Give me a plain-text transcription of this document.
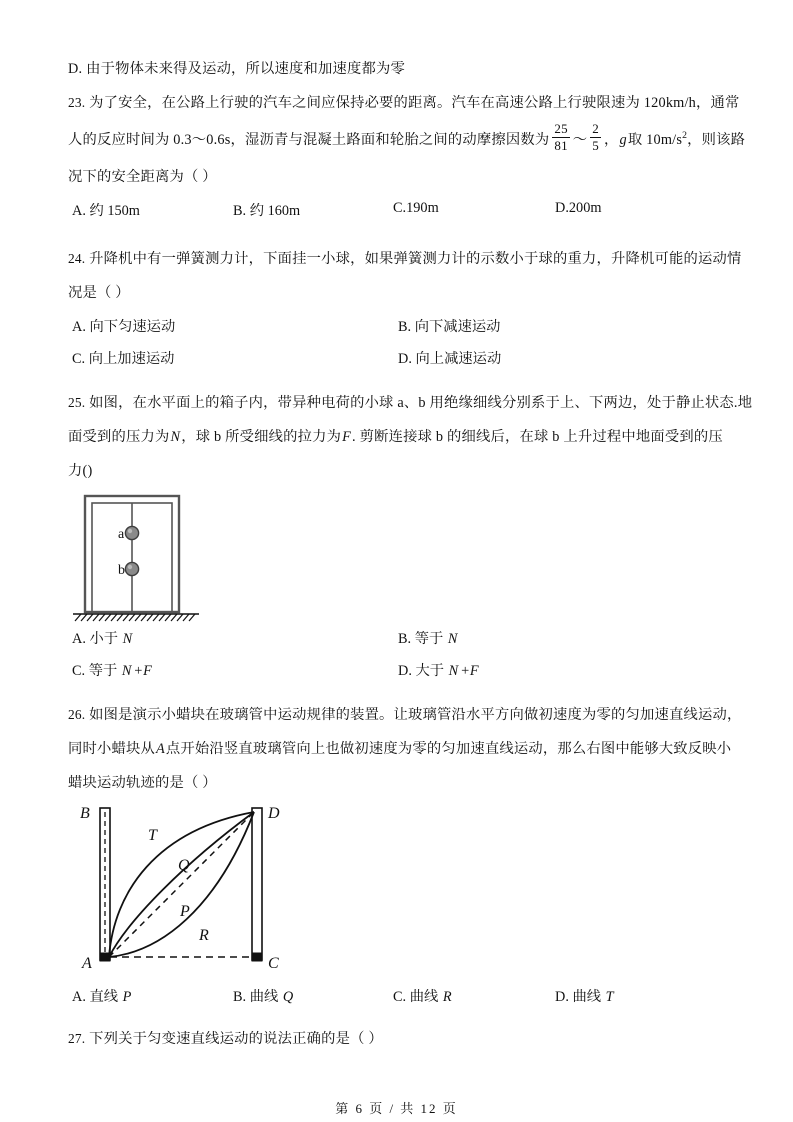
D. 由于物体未来得及运动，所以速度和加速度都为零
23. 为了安全，在公路上行驶的汽车之间应保持必要的距离。汽车在高速公路上行驶限速为 120km/h，通常
人的反应时间为 0.3～0.6s，湿沥青与混凝土路面和轮胎之间的动摩擦因数为 $\frac{25}{81}$ ～ $\frac{2}{5}$ ，g取 $10m/s^2$，则该路
况下的安全距离为（ ）
A. 约 150m	B. 约 160m	C.190m	D.200m
24. 升降机中有一弹簧测力计，下面挂一小球，如果弹簧测力计的示数小于球的重力，升降机可能的运动情
况是（ ）
A. 向下匀速运动	B. 向下减速运动
C. 向上加速运动	D. 向上减速运动
25. 如图，在水平面上的箱子内，带异种电荷的小球 a、b 用绝缘细线分别系于上、下两边，处于静止状态.地
面受到的压力为N，球 b 所受细线的拉力为F. 剪断连接球 b 的细线后，在球 b 上升过程中地面受到的压
力()
a
b
A. 小于 N	B. 等于 N
C. 等于 N +F	D. 大于 N +F
26. 如图是演示小蜡块在玻璃管中运动规律的装置。让玻璃管沿水平方向做初速度为零的匀加速直线运动，
同时小蜡块从A点开始沿竖直玻璃管向上也做初速度为零的匀加速直线运动，那么右图中能够大致反映小
蜡块运动轨迹的是（ ）
B	D
A	C
T
Q
P
R
A. 直线 P	B. 曲线 Q	C. 曲线 R	D. 曲线 T
27. 下列关于匀变速直线运动的说法正确的是（ ）
第 6 页 / 共 12 页
